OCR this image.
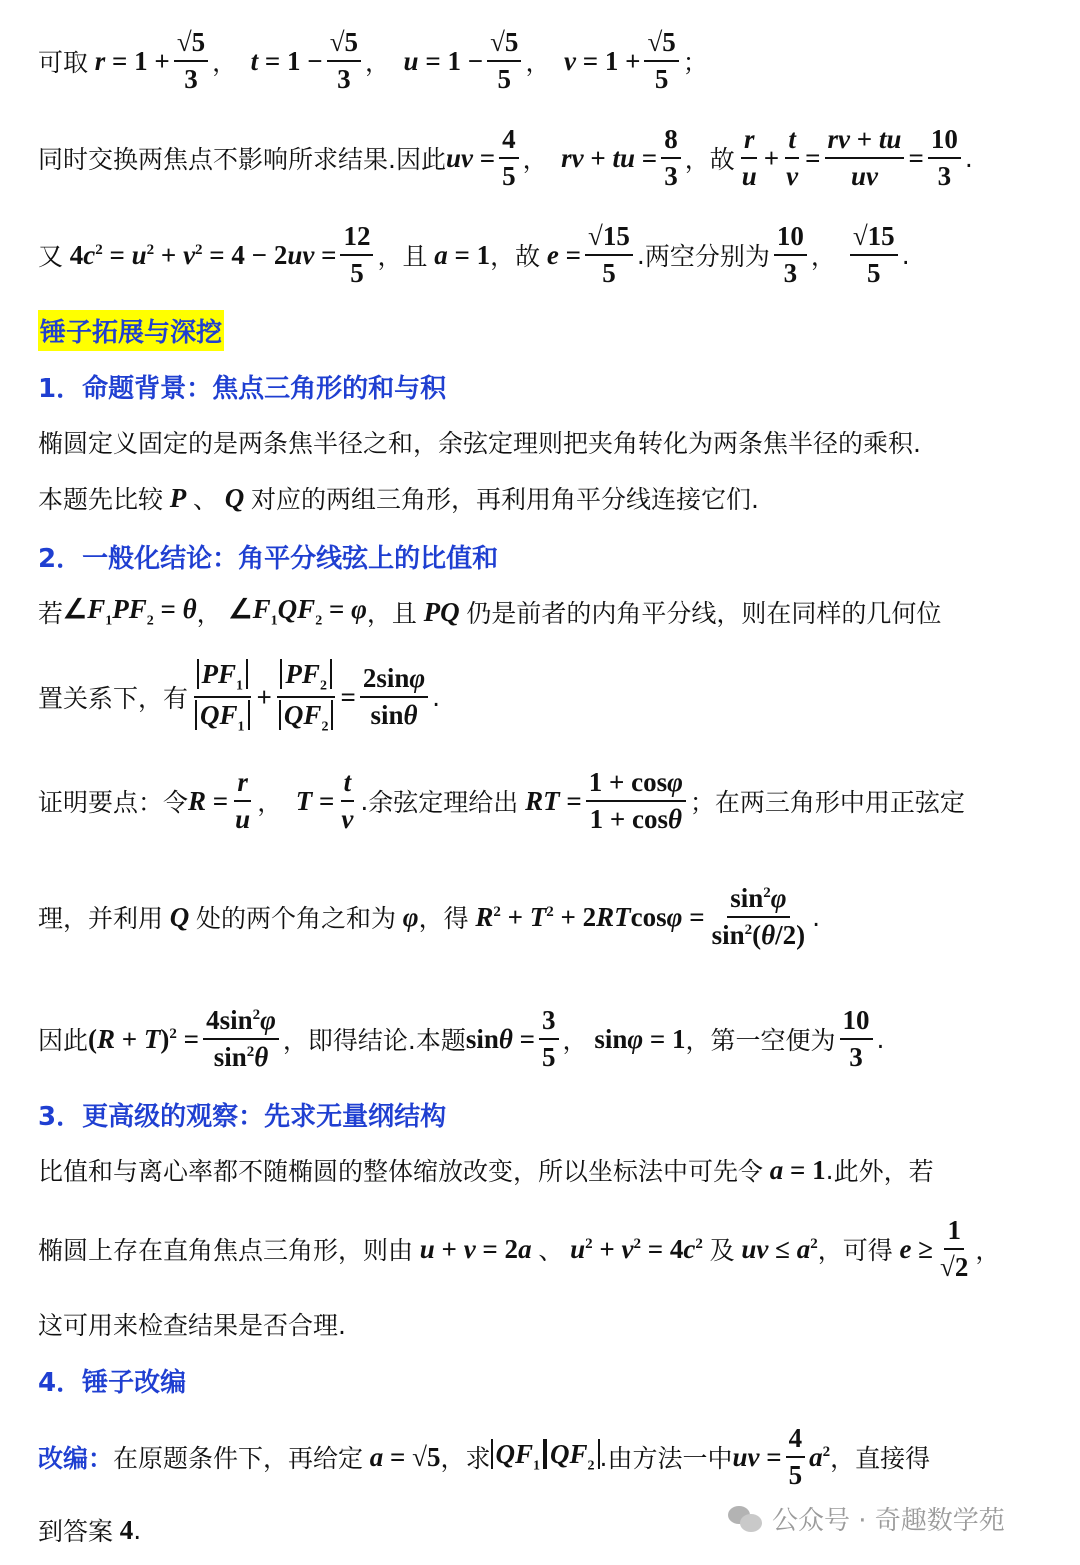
可取 $r = 1 + \frac{√5}{3}$ ， $t = 1 - \frac{√5}{3}$ ， $u = 1 - \frac{√5}{5}$ ， $v = 1 + \frac{√5}{5}$ ；
同时交换两焦点不影响所求结果. 因此 uv = $\frac{4}{5}$ ， rv + tu = $\frac{8}{3}$ ， 故 $\frac{r}{u} + \frac{t}{v} = \frac{rv + tu}{uv} = \frac{10}{3}$ .
又 $4c^2 = u^2 + v^2 = 4 - 2uv = \frac{12}{5}$ ， 且 a = 1 ， 故 $e = \frac{√15}{5}$ . 两空分别为 $\frac{10}{3}$ ， $\frac{√15}{5}$ .
锤子拓展与深挖
1．命题背景：焦点三角形的和与积
椭圆定义固定的是两条焦半径之和，余弦定理则把夹角转化为两条焦半径的乘积.
本题先比较 P 、 Q 对应的两组三角形，再利用角平分线连接它们.
2．一般化结论：角平分线弦上的比值和
若 $\angle F_1PF_2 = \theta$ ， $\angle F_1QF_2 = \varphi$ ，且 PQ 仍是前者的内角平分线，则在同样的几何位
置关系下，有 $\frac{PF_1}{QF_1} + \frac{PF_2}{QF_2} = \frac{2\sin\varphi}{\sin\theta}$ .
证明要点：令 $R = \frac{r}{u}$ ， $T = \frac{t}{v}$ . 余弦定理给出 RT = $\frac{1 + \cos\varphi}{1 + \cos\theta}$ ；在两三角形中用正弦定
理，并利用 Q 处的两个角之和为 φ ，得 $R^2 + T^2 + 2RTcos\varphi = \frac{\sin^2\varphi}{\sin^2(\theta/2)}$ .
因此 $(R + T)^2 = \frac{4\sin^2\varphi}{\sin^2\theta}$ ，即得结论. 本题 $\sin\theta = \frac{3}{5}$ ， sinφ = 1 ，第一空便为 $\frac{10}{3}$ .
3．更高级的观察：先求无量纲结构
比值和与离心率都不随椭圆的整体缩放改变，所以坐标法中可先令 a = 1 . 此外，若
椭圆上存在直角焦点三角形，则由 u + v = 2a 、 $u^2 + v^2 = 4c^2$ 及 uv ≤ $a^2$ ，可得 $e \ge \frac{1}{√2}$ ，
这可用来检查结果是否合理.
4．锤子改编
改编： 在原题条件下，再给定 a = √5 ，求 $QF_1$ $QF_2$ . 由方法一中 uv = $\frac{4}{5} a^2$ ，直接得
到答案 4 .	公众号 · 奇趣数学苑
